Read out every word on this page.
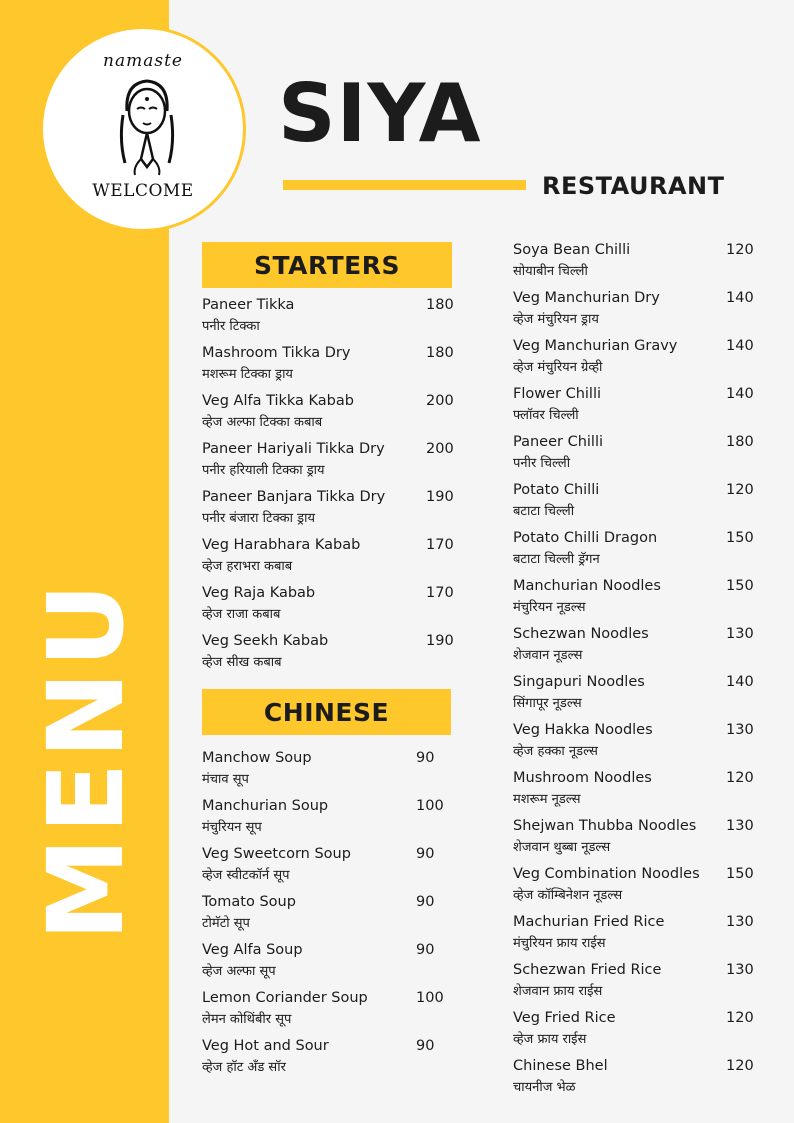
namaste
WELCOME
MENU
SIYA
RESTAURANT
STARTERS
Paneer Tikka	180
पनीर टिक्का
Mashroom Tikka Dry	180
मशरूम टिक्का ड्राय
Veg Alfa Tikka Kabab	200
व्हेज अल्फा टिक्का कबाब
Paneer Hariyali Tikka Dry	200
पनीर हरियाली टिक्का ड्राय
Paneer Banjara Tikka Dry	190
पनीर बंजारा टिक्का ड्राय
Veg Harabhara Kabab	170
व्हेज हराभरा कबाब
Veg Raja Kabab	170
व्हेज राजा कबाब
Veg Seekh Kabab	190
व्हेज सीख कबाब
CHINESE
Manchow Soup	90
मंचाव सूप
Manchurian Soup	100
मंचुरियन सूप
Veg Sweetcorn Soup	90
व्हेज स्वीटकॉर्न सूप
Tomato Soup	90
टोमॅटो सूप
Veg Alfa Soup	90
व्हेज अल्फा सूप
Lemon Coriander Soup	100
लेमन कोथिंबीर सूप
Veg Hot and Sour	90
व्हेज हॉट अँड सॉर
Soya Bean Chilli	120
सोयाबीन चिल्ली
Veg Manchurian Dry	140
व्हेज मंचुरियन ड्राय
Veg Manchurian Gravy	140
व्हेज मंचुरियन ग्रेव्ही
Flower Chilli	140
फ्लॉवर चिल्ली
Paneer Chilli	180
पनीर चिल्ली
Potato Chilli	120
बटाटा चिल्ली
Potato Chilli Dragon	150
बटाटा चिल्ली ड्रॅगन
Manchurian Noodles	150
मंचुरियन नूडल्स
Schezwan Noodles	130
शेजवान नूडल्स
Singapuri Noodles	140
सिंगापूर नूडल्स
Veg Hakka Noodles	130
व्हेज हक्का नूडल्स
Mushroom Noodles	120
मशरूम नूडल्स
Shejwan Thubba Noodles 130
शेजवान थुब्बा नूडल्स
Veg Combination Noodles 150
व्हेज कॉम्बिनेशन नूडल्स
Machurian Fried Rice	130
मंचुरियन फ्राय राईस
Schezwan Fried Rice	130
शेजवान फ्राय राईस
Veg Fried Rice	120
व्हेज फ्राय राईस
Chinese Bhel	120
चायनीज भेळ
